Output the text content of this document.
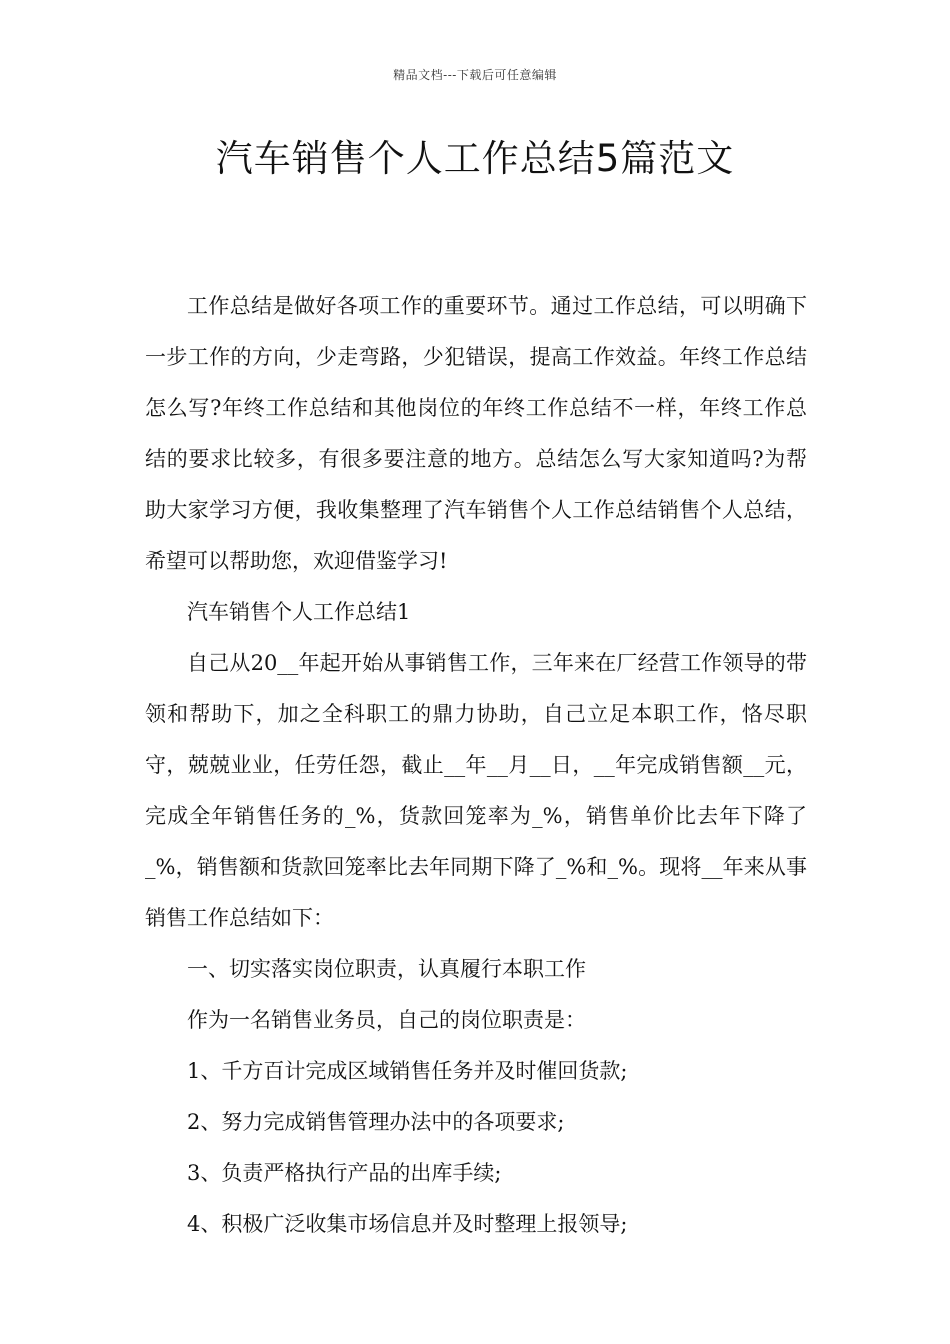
精品文档---下载后可任意编辑
汽车销售个人工作总结5篇范文

工作总结是做好各项工作的重要环节。通过工作总结，可以明确下一步工作的方向，少走弯路，少犯错误，提高工作效益。年终工作总结怎么写?年终工作总结和其他岗位的年终工作总结不一样，年终工作总结的要求比较多，有很多要注意的地方。总结怎么写大家知道吗?为帮助大家学习方便，我收集整理了汽车销售个人工作总结销售个人总结，希望可以帮助您，欢迎借鉴学习!

汽车销售个人工作总结1

自己从20__年起开始从事销售工作，三年来在厂经营工作领导的带领和帮助下，加之全科职工的鼎力协助，自己立足本职工作，恪尽职守，兢兢业业，任劳任怨，截止__年__月__日，__年完成销售额__元，完成全年销售任务的_%，货款回笼率为_%，销售单价比去年下降了_%，销售额和货款回笼率比去年同期下降了_%和_%。现将__年来从事销售工作总结如下：

一、切实落实岗位职责，认真履行本职工作

作为一名销售业务员，自己的岗位职责是：

1、千方百计完成区域销售任务并及时催回货款;

2、努力完成销售管理办法中的各项要求;

3、负责严格执行产品的出库手续;

4、积极广泛收集市场信息并及时整理上报领导;
